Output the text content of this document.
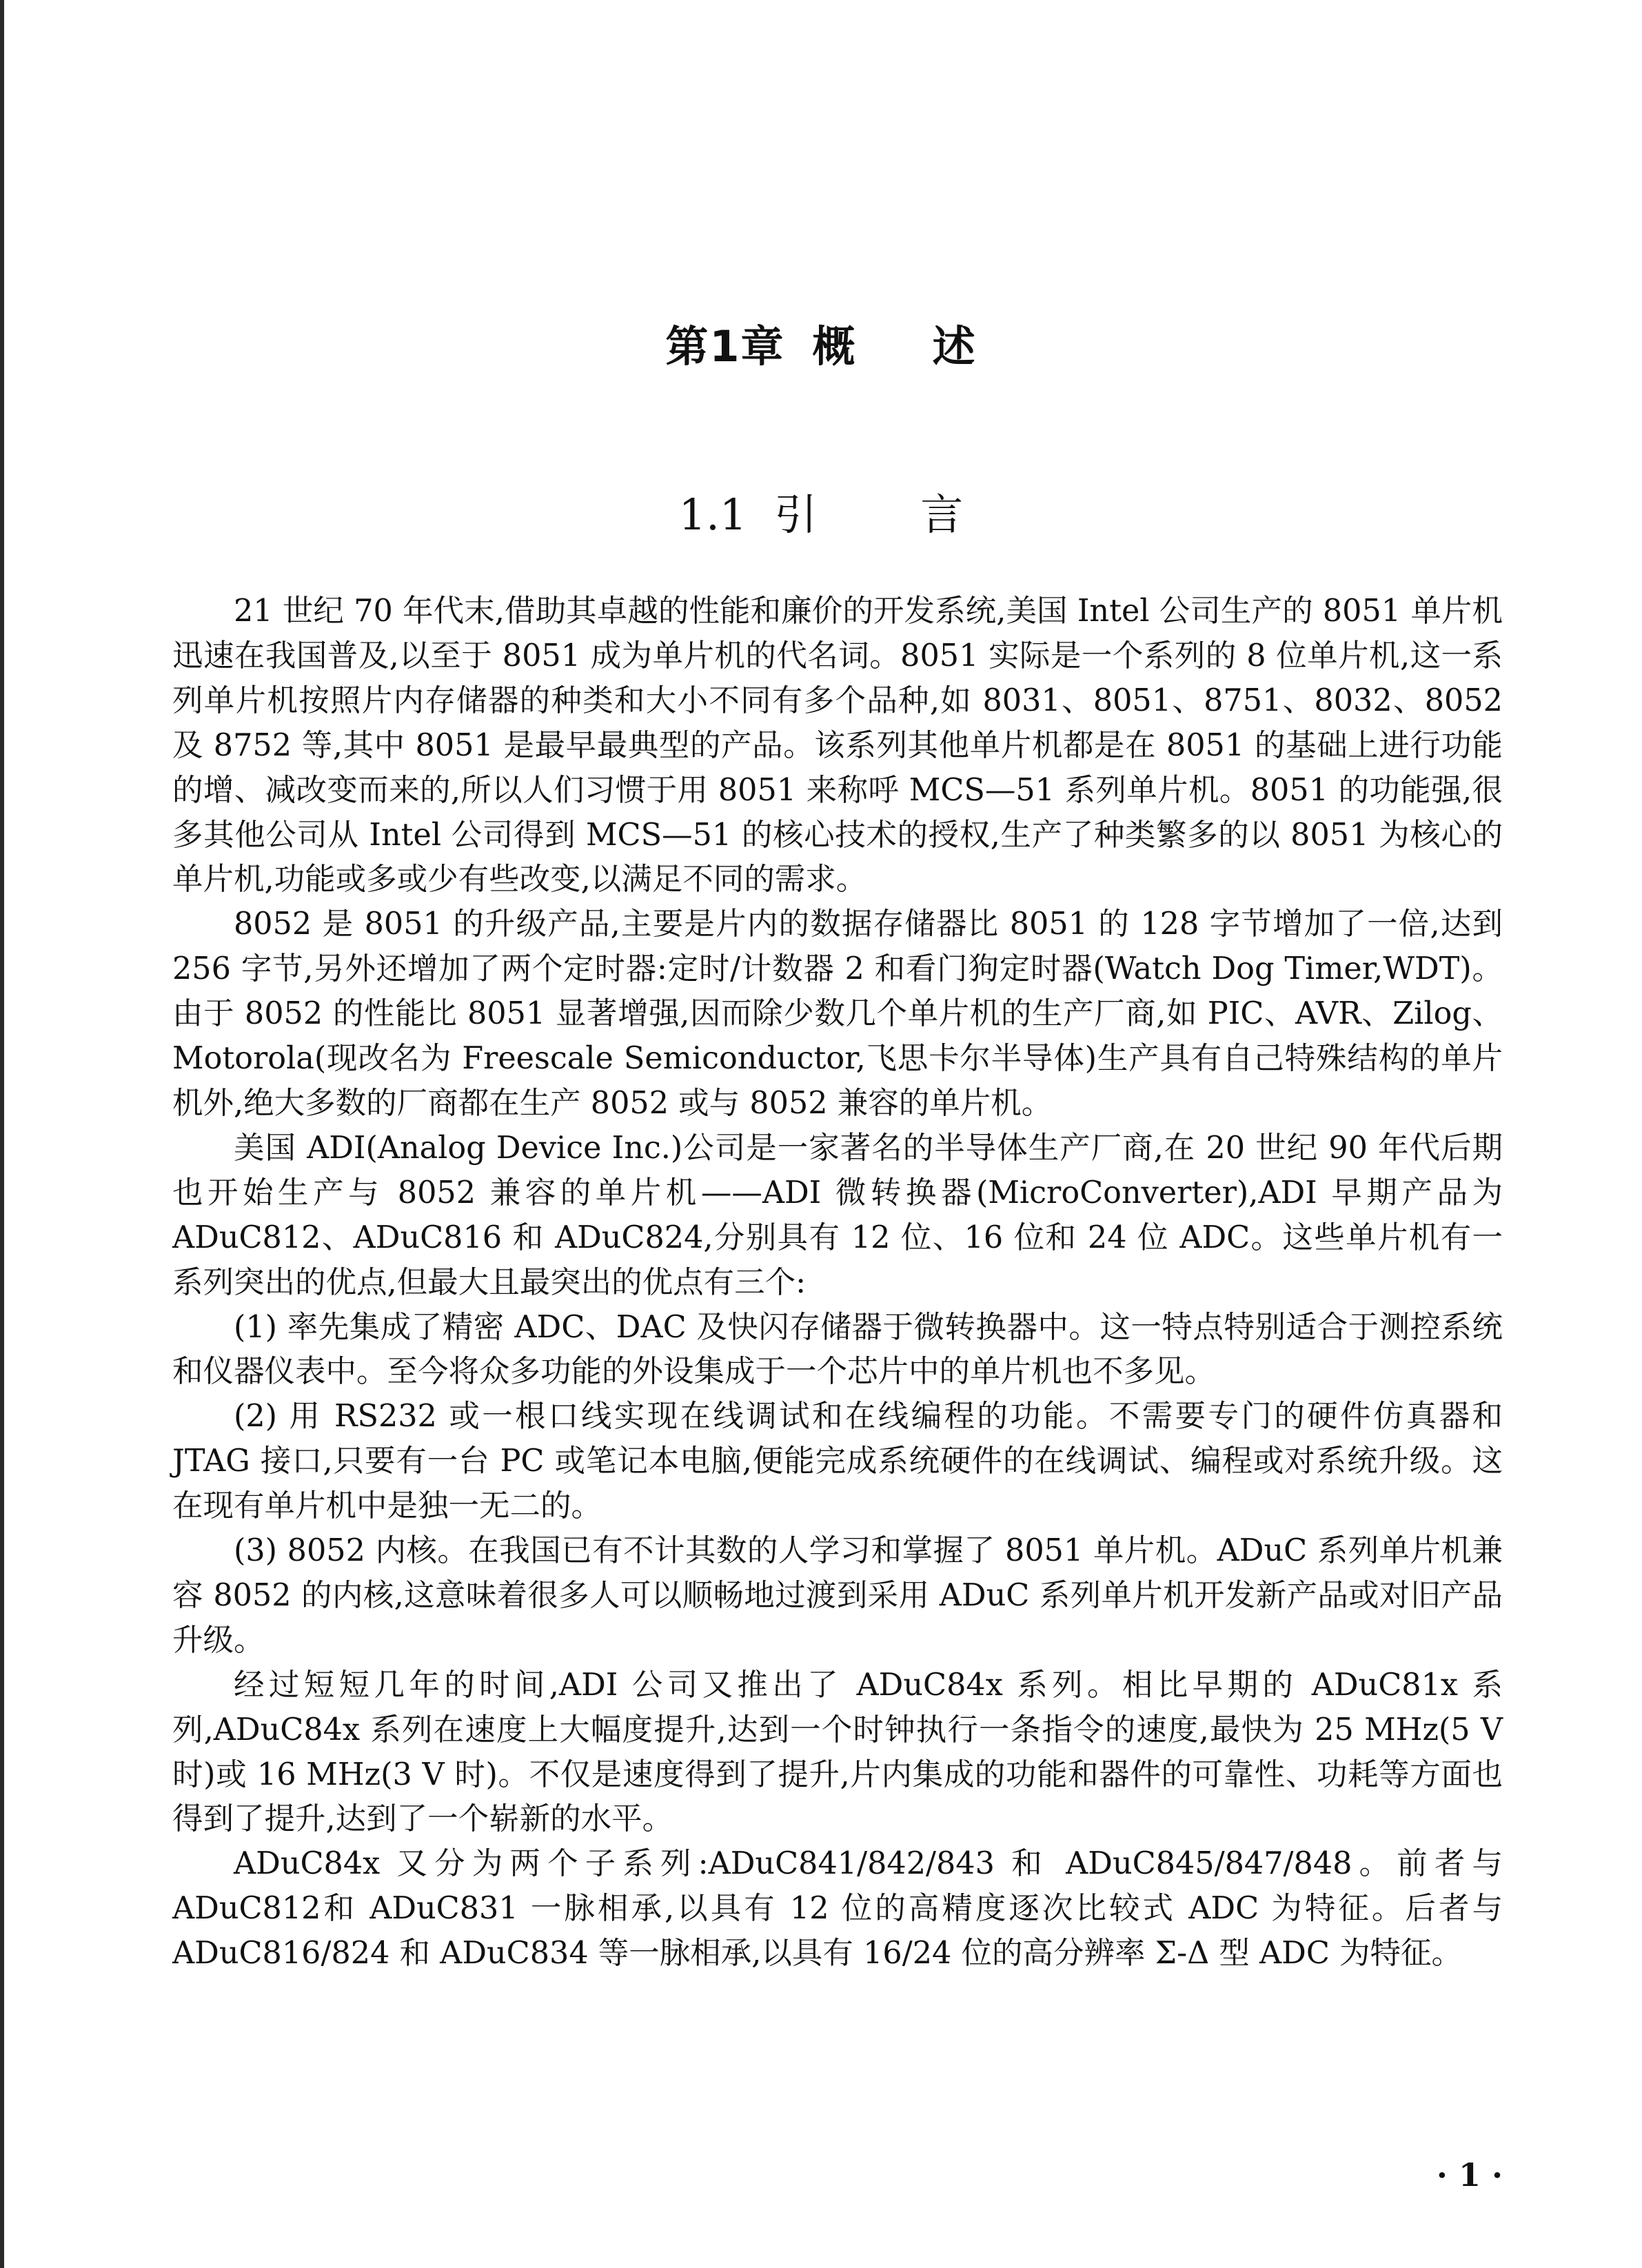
第1章 概 述
1.1 引 言

21 世纪 70 年代末,借助其卓越的性能和廉价的开发系统,美国 Intel 公司生产的 8051 单片机迅速在我国普及,以至于 8051 成为单片机的代名词。8051 实际是一个系列的 8 位单片机,这一系列单片机按照片内存储器的种类和大小不同有多个品种,如 8031、8051、8751、8032、8052 及 8752 等,其中 8051 是最早最典型的产品。该系列其他单片机都是在 8051 的基础上进行功能的增、减改变而来的,所以人们习惯于用 8051 来称呼 MCS—51 系列单片机。8051 的功能强,很多其他公司从 Intel 公司得到 MCS—51 的核心技术的授权,生产了种类繁多的以 8051 为核心的单片机,功能或多或少有些改变,以满足不同的需求。

8052 是 8051 的升级产品,主要是片内的数据存储器比 8051 的 128 字节增加了一倍,达到 256 字节,另外还增加了两个定时器:定时/计数器 2 和看门狗定时器(Watch Dog Timer,WDT)。由于 8052 的性能比 8051 显著增强,因而除少数几个单片机的生产厂商,如 PIC、AVR、Zilog、Motorola(现改名为 Freescale Semiconductor,飞思卡尔半导体)生产具有自己特殊结构的单片机外,绝大多数的厂商都在生产 8052 或与 8052 兼容的单片机。

美国 ADI(Analog Device Inc.)公司是一家著名的半导体生产厂商,在 20 世纪 90 年代后期也开始生产与 8052 兼容的单片机——ADI 微转换器(MicroConverter),ADI 早期产品为 ADuC812、ADuC816 和 ADuC824,分别具有 12 位、16 位和 24 位 ADC。这些单片机有一系列突出的优点,但最大且最突出的优点有三个:

(1) 率先集成了精密 ADC、DAC 及快闪存储器于微转换器中。这一特点特别适合于测控系统和仪器仪表中。至今将众多功能的外设集成于一个芯片中的单片机也不多见。

(2) 用 RS232 或一根口线实现在线调试和在线编程的功能。不需要专门的硬件仿真器和 JTAG 接口,只要有一台 PC 或笔记本电脑,便能完成系统硬件的在线调试、编程或对系统升级。这在现有单片机中是独一无二的。

(3) 8052 内核。在我国已有不计其数的人学习和掌握了 8051 单片机。ADuC 系列单片机兼容 8052 的内核,这意味着很多人可以顺畅地过渡到采用 ADuC 系列单片机开发新产品或对旧产品升级。

经过短短几年的时间,ADI 公司又推出了 ADuC84x 系列。相比早期的 ADuC81x 系列,ADuC84x 系列在速度上大幅度提升,达到一个时钟执行一条指令的速度,最快为 25 MHz(5 V 时)或 16 MHz(3 V 时)。不仅是速度得到了提升,片内集成的功能和器件的可靠性、功耗等方面也得到了提升,达到了一个崭新的水平。

ADuC84x 又分为两个子系列:ADuC841/842/843 和 ADuC845/847/848。前者与 ADuC812和 ADuC831 一脉相承,以具有 12 位的高精度逐次比较式 ADC 为特征。后者与 ADuC816/824 和 ADuC834 等一脉相承,以具有 16/24 位的高分辨率 Σ-Δ 型 ADC 为特征。

· 1 ·
